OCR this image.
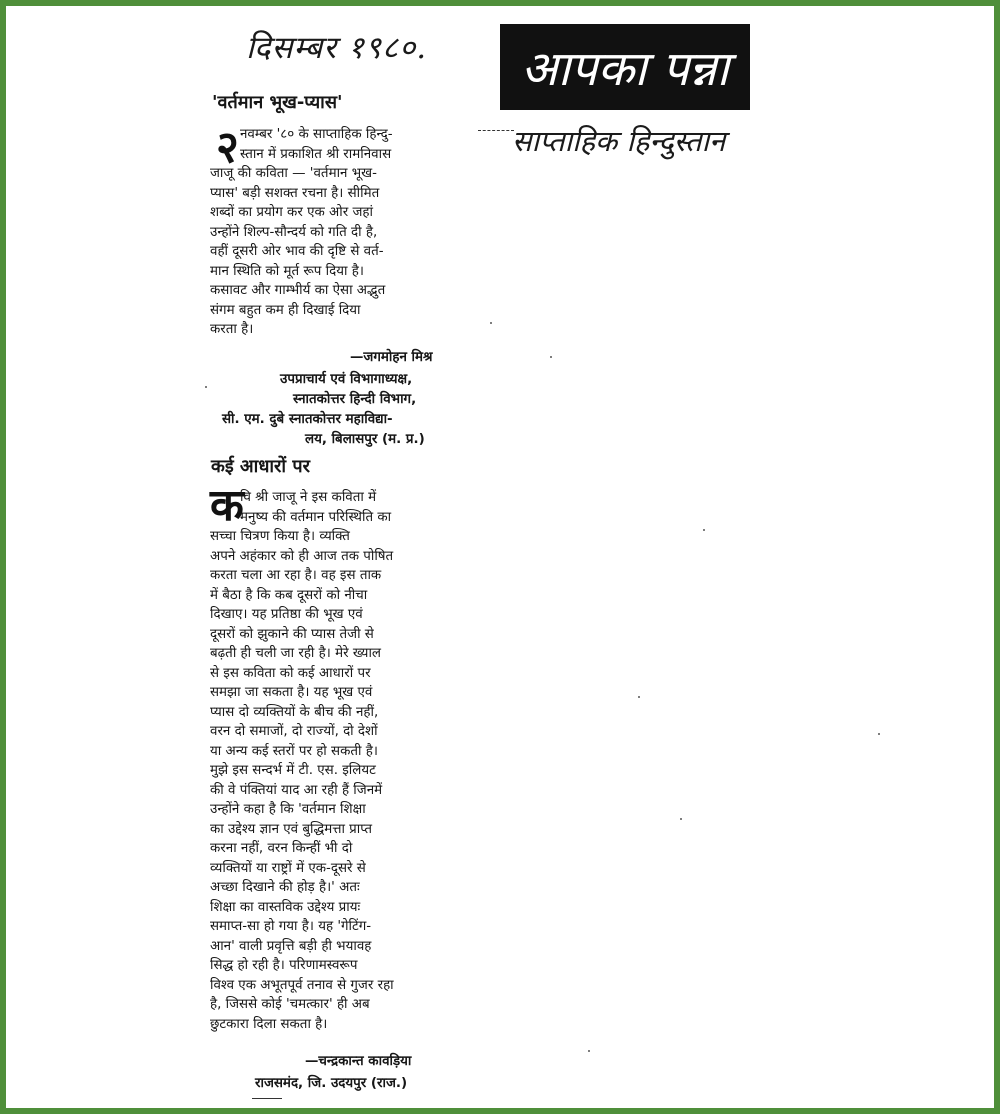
दिसम्बर १९८०.	आपका पन्ना
साप्ताहिक हिन्दुस्तान
'वर्तमान भूख-प्यास'
२ नवम्बर '८० के साप्ताहिक हिन्दु-
स्तान में प्रकाशित श्री रामनिवास
जाजू की कविता — 'वर्तमान भूख-
प्यास' बड़ी सशक्त रचना है। सीमित
शब्दों का प्रयोग कर एक ओर जहां
उन्होंने शिल्प-सौन्दर्य को गति दी है,
वहीं दूसरी ओर भाव की दृष्टि से वर्त-
मान स्थिति को मूर्त रूप दिया है।
कसावट और गाम्भीर्य का ऐसा अद्भुत
संगम बहुत कम ही दिखाई दिया
करता है।
—जगमोहन मिश्र
उपप्राचार्य एवं विभागाध्यक्ष,
स्नातकोत्तर हिन्दी विभाग,
सी. एम. दुबे स्नातकोत्तर महाविद्या-
लय, बिलासपुर (म. प्र.)
कई आधारों पर
क
वि श्री जाजू ने इस कविता में
मनुष्य की वर्तमान परिस्थिति का
सच्चा चित्रण किया है। व्यक्ति
अपने अहंकार को ही आज तक पोषित
करता चला आ रहा है। वह इस ताक
में बैठा है कि कब दूसरों को नीचा
दिखाए। यह प्रतिष्ठा की भूख एवं
दूसरों को झुकाने की प्यास तेजी से
बढ़ती ही चली जा रही है। मेरे ख्याल
से इस कविता को कई आधारों पर
समझा जा सकता है। यह भूख एवं
प्यास दो व्यक्तियों के बीच की नहीं,
वरन दो समाजों, दो राज्यों, दो देशों
या अन्य कई स्तरों पर हो सकती है।
मुझे इस सन्दर्भ में टी. एस. इलियट
की वे पंक्तियां याद आ रही हैं जिनमें
उन्होंने कहा है कि 'वर्तमान शिक्षा
का उद्देश्य ज्ञान एवं बुद्धिमत्ता प्राप्त
करना नहीं, वरन किन्हीं भी दो
व्यक्तियों या राष्ट्रों में एक-दूसरे से
अच्छा दिखाने की होड़ है।' अतः
शिक्षा का वास्तविक उद्देश्य प्रायः
समाप्त-सा हो गया है। यह 'गेटिंग-
आन' वाली प्रवृत्ति बड़ी ही भयावह
सिद्ध हो रही है। परिणामस्वरूप
विश्व एक अभूतपूर्व तनाव से गुजर रहा
है, जिससे कोई 'चमत्कार' ही अब
छुटकारा दिला सकता है।
—चन्द्रकान्त कावड़िया
राजसमंद, जि. उदयपुर (राज.)
